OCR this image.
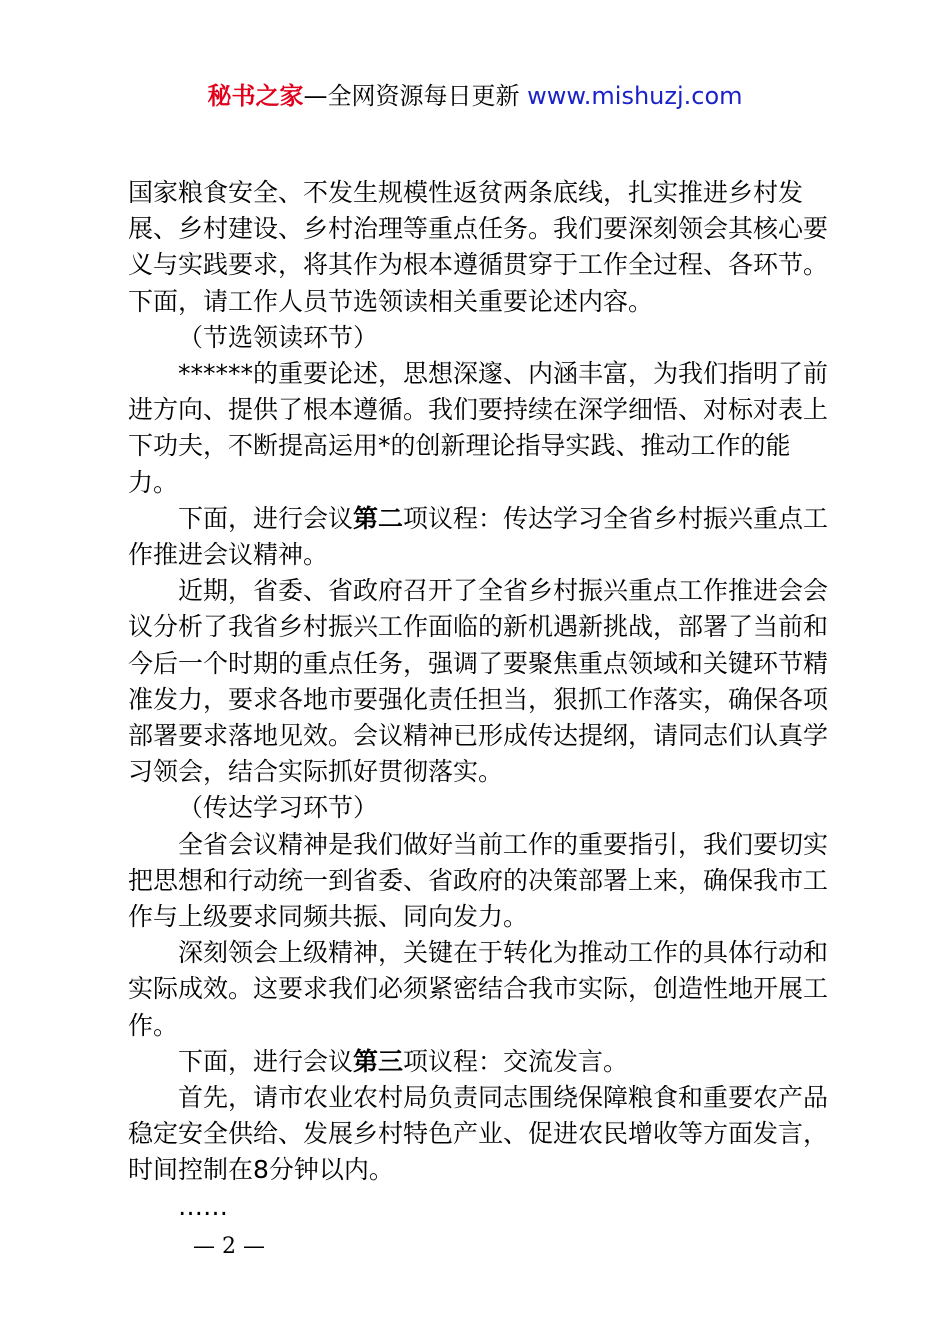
秘书之家—全网资源每日更新 www.mishuzj.com

国家粮食安全、不发生规模性返贫两条底线，扎实推进乡村发展、乡村建设、乡村治理等重点任务。我们要深刻领会其核心要义与实践要求，将其作为根本遵循贯穿于工作全过程、各环节。下面，请工作人员节选领读相关重要论述内容。

（节选领读环节）

******的重要论述，思想深邃、内涵丰富，为我们指明了前进方向、提供了根本遵循。我们要持续在深学细悟、对标对表上下功夫，不断提高运用*的创新理论指导实践、推动工作的能力。

下面，进行会议第二项议程：传达学习全省乡村振兴重点工作推进会议精神。

近期，省委、省政府召开了全省乡村振兴重点工作推进会会议分析了我省乡村振兴工作面临的新机遇新挑战，部署了当前和今后一个时期的重点任务，强调了要聚焦重点领域和关键环节精准发力，要求各地市要强化责任担当，狠抓工作落实，确保各项部署要求落地见效。会议精神已形成传达提纲，请同志们认真学习领会，结合实际抓好贯彻落实。

（传达学习环节）

全省会议精神是我们做好当前工作的重要指引，我们要切实把思想和行动统一到省委、省政府的决策部署上来，确保我市工作与上级要求同频共振、同向发力。

深刻领会上级精神，关键在于转化为推动工作的具体行动和实际成效。这要求我们必须紧密结合我市实际，创造性地开展工作。

下面，进行会议第三项议程：交流发言。

首先，请市农业农村局负责同志围绕保障粮食和重要农产品稳定安全供给、发展乡村特色产业、促进农民增收等方面发言，时间控制在8分钟以内。

……

— 2 —
